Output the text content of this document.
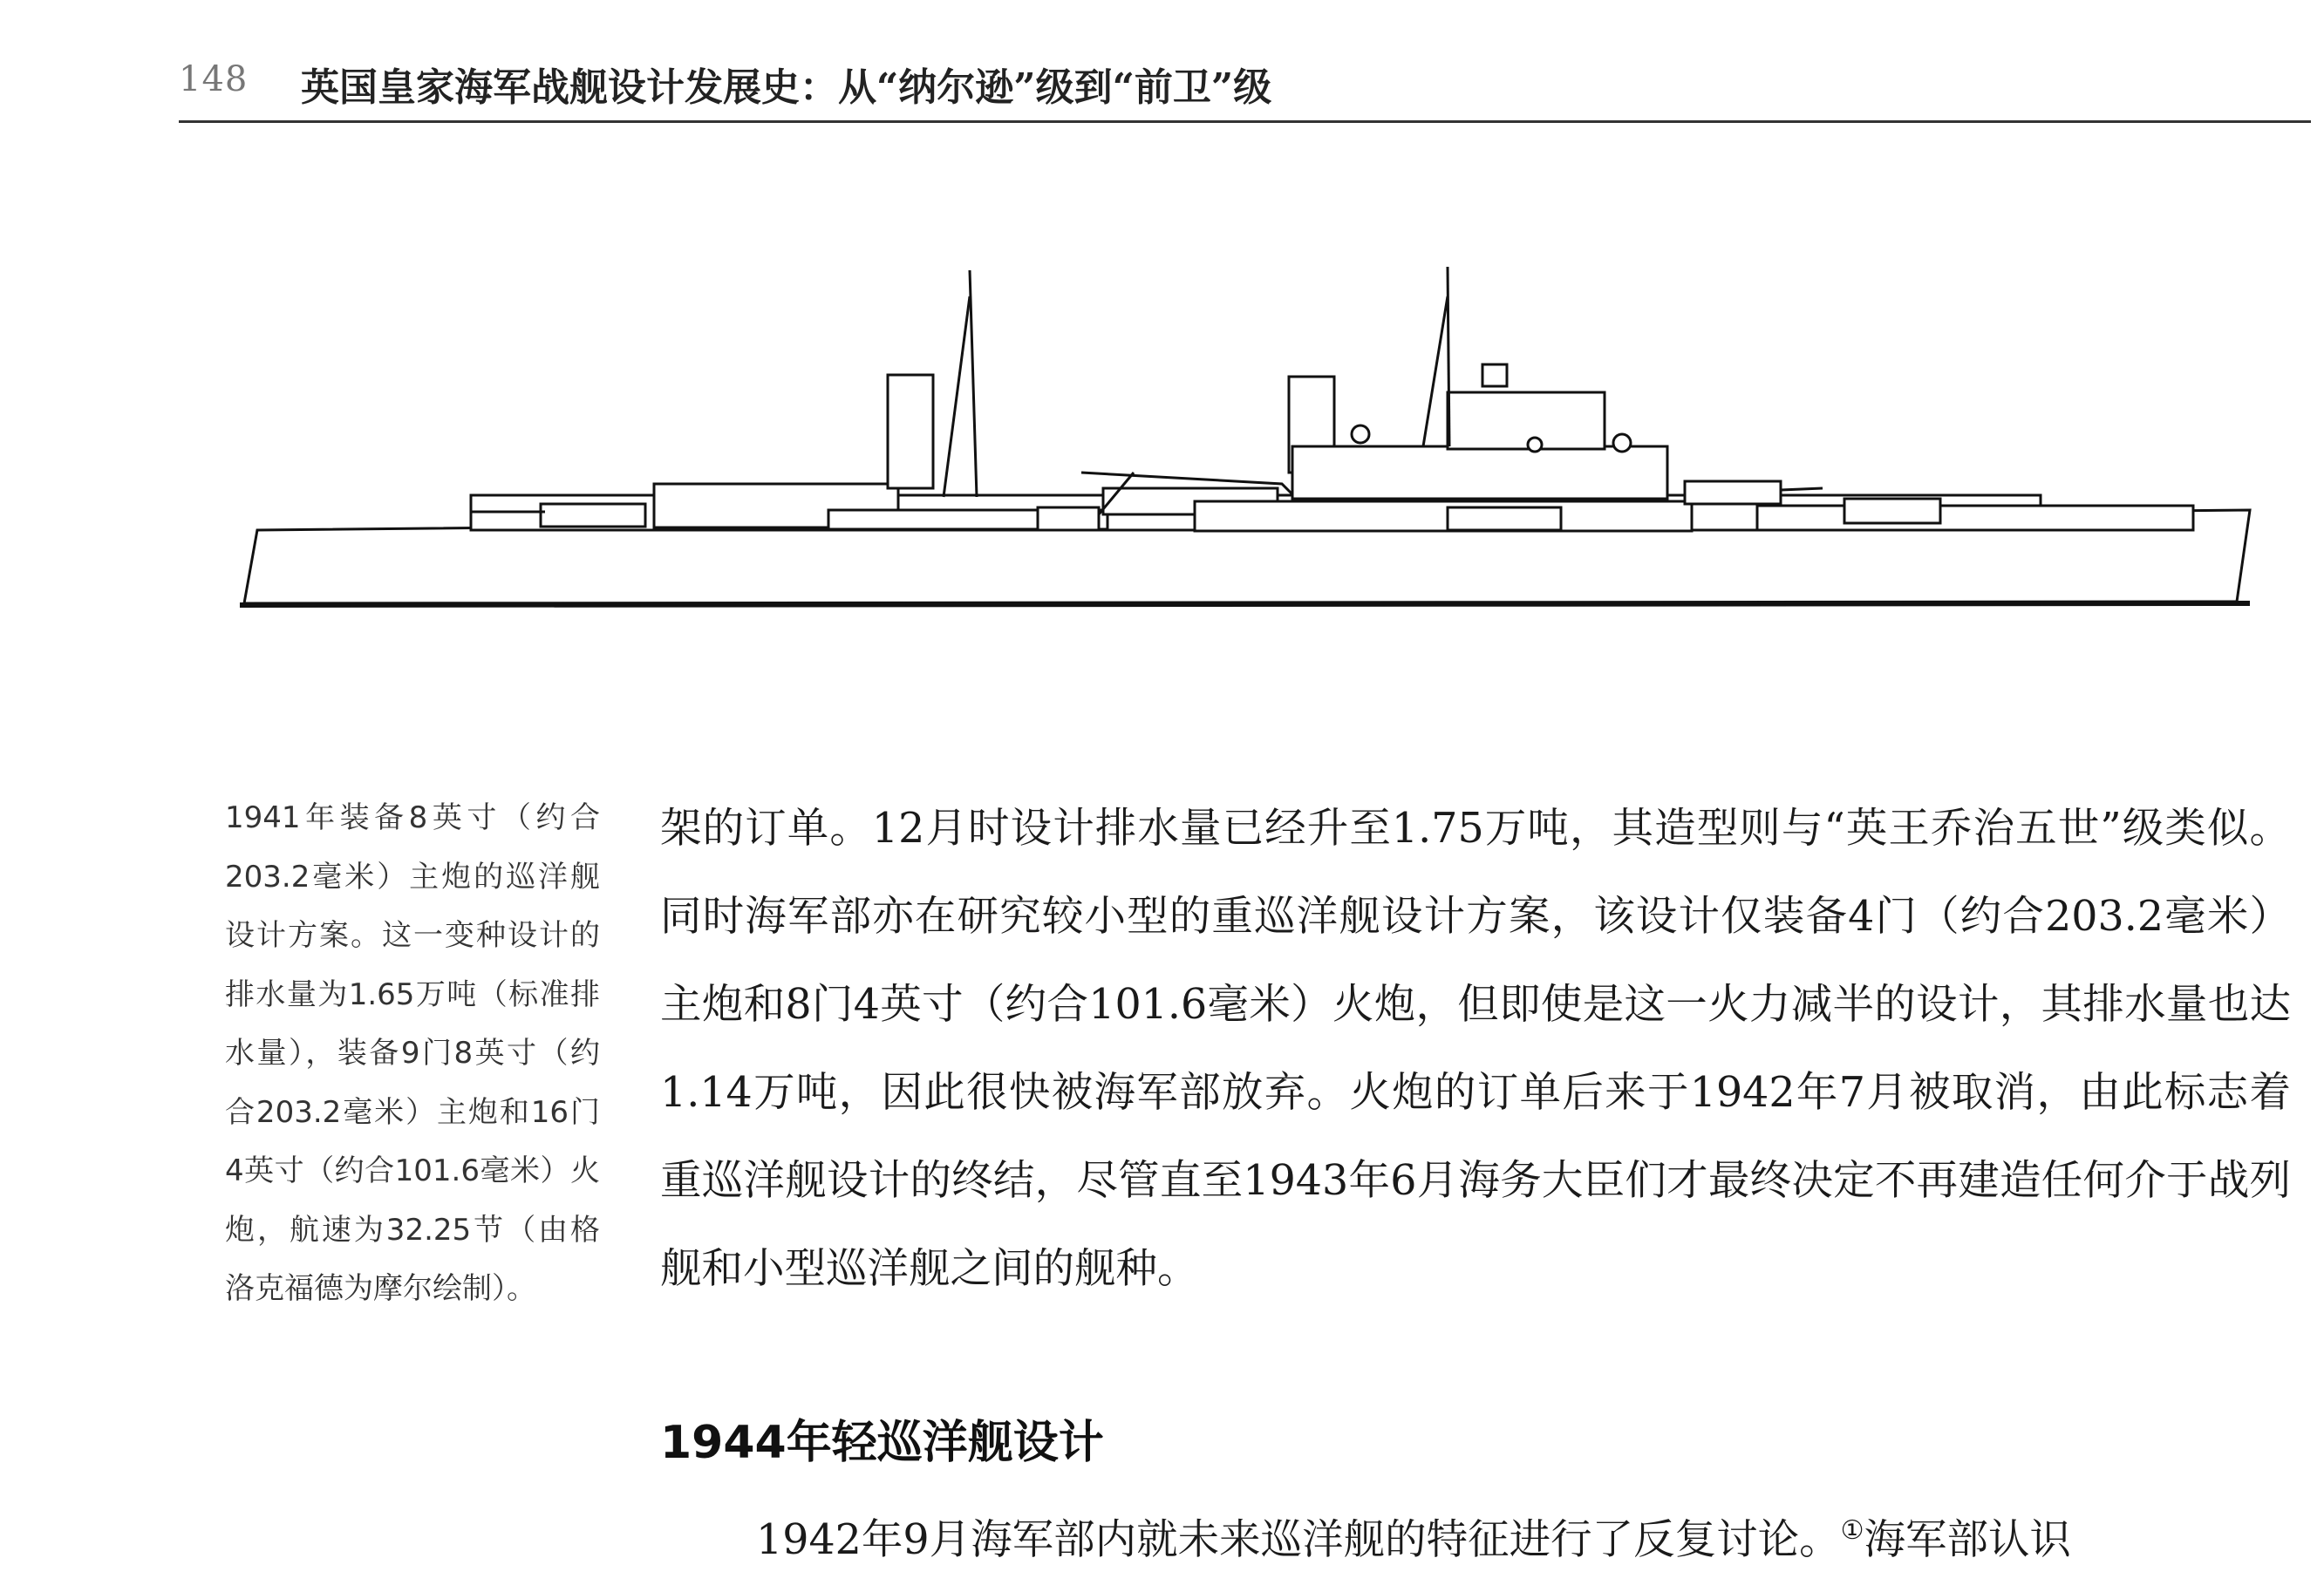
148 英国皇家海军战舰设计发展史：从“纳尔逊”级到“前卫”级
1941年装备8英寸（约合203.2毫米）主炮的巡洋舰设计方案。这一变种设计的排水量为1.65万吨（标准排水量），装备9门8英寸（约合203.2毫米）主炮和16门4英寸（约合101.6毫米）火炮，航速为32.25节（由格洛克福德为摩尔绘制）。
架的订单。12月时设计排水量已经升至1.75万吨，其造型则与“英王乔治五世”级类似。同时海军部亦在研究较小型的重巡洋舰设计方案，该设计仅装备4门（约合203.2毫米）主炮和8门4英寸（约合101.6毫米）火炮，但即使是这一火力减半的设计，其排水量也达1.14万吨，因此很快被海军部放弃。火炮的订单后来于1942年7月被取消，由此标志着重巡洋舰设计的终结，尽管直至1943年6月海务大臣们才最终决定不再建造任何介于战列舰和小型巡洋舰之间的舰种。
1944年轻巡洋舰设计
1942年9月海军部内就未来巡洋舰的特征进行了反复讨论。①海军部认识
